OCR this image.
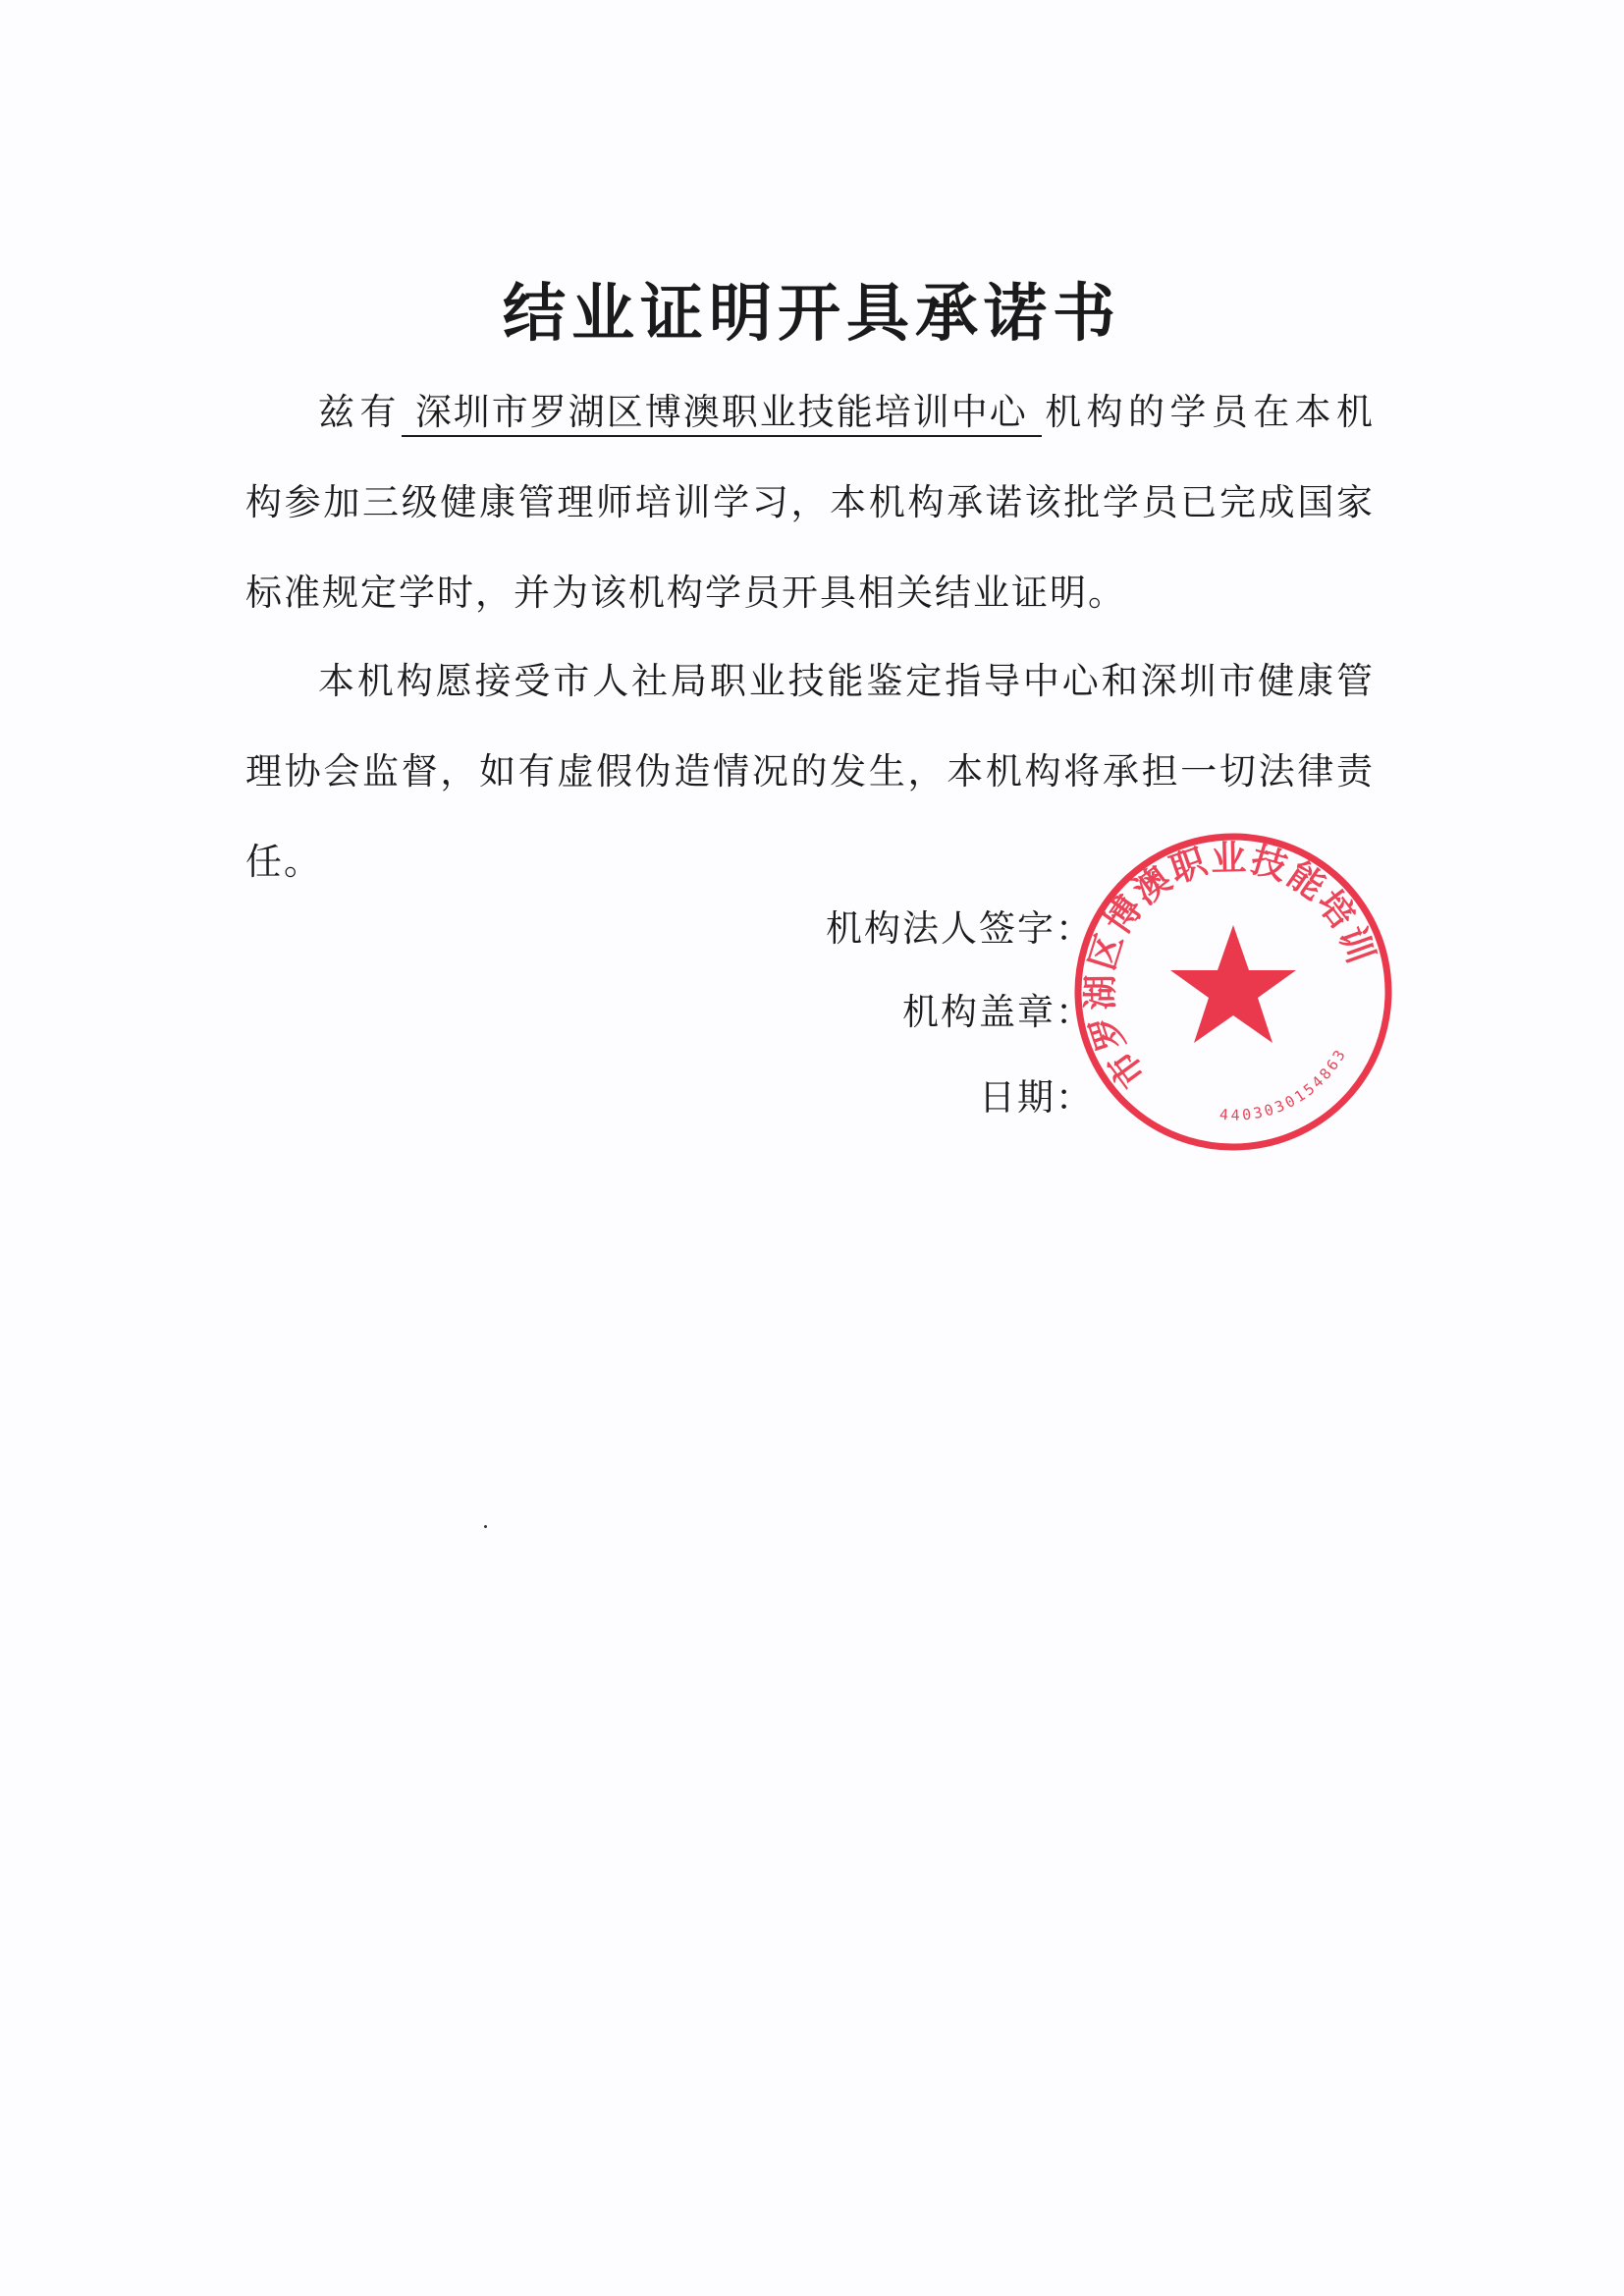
结业证明开具承诺书
兹有 深圳市罗湖区博澳职业技能培训中心 机构的学员在本机构参加三级健康管理师培训学习，本机构承诺该批学员已完成国家标准规定学时，并为该机构学员开具相关结业证明。
本机构愿接受市人社局职业技能鉴定指导中心和深圳市健康管理协会监督，如有虚假伪造情况的发生，本机构将承担一切法律责任。
机构法人签字：
机构盖章：
日期：
深圳市罗湖区博澳职业技能培训中心
4403030154863
